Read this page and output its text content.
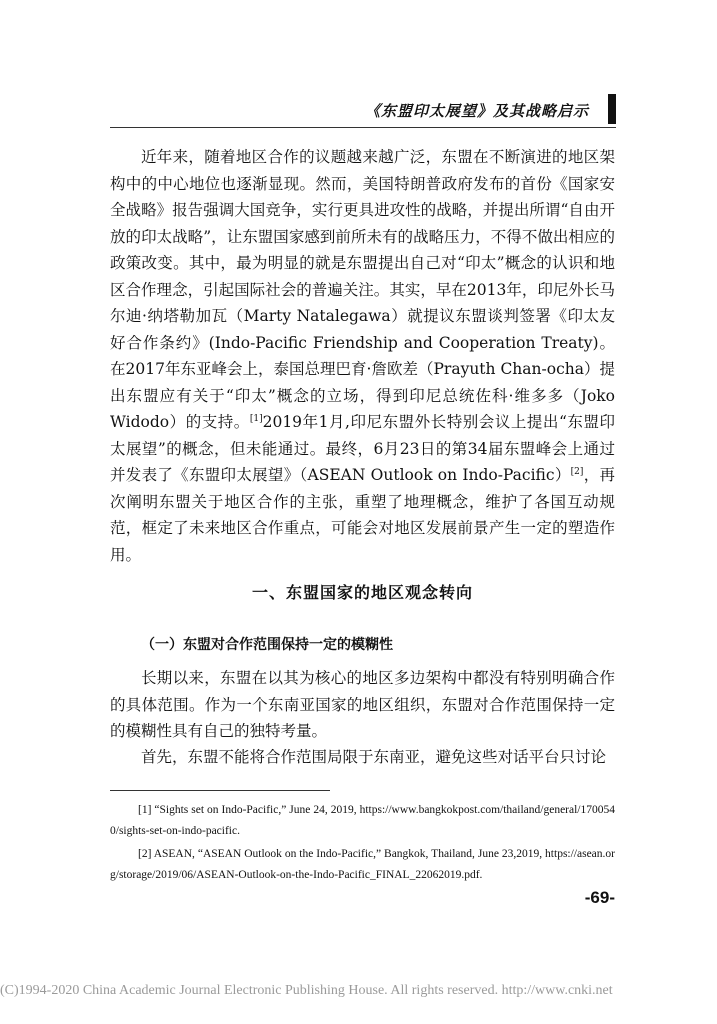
《东盟印太展望》及其战略启示
近年来，随着地区合作的议题越来越广泛，东盟在不断演进的地区架构中的中心地位也逐渐显现。然而，美国特朗普政府发布的首份《国家安全战略》报告强调大国竞争，实行更具进攻性的战略，并提出所谓“自由开放的印太战略”，让东盟国家感到前所未有的战略压力，不得不做出相应的政策改变。其中，最为明显的就是东盟提出自己对“印太”概念的认识和地区合作理念，引起国际社会的普遍关注。其实，早在2013年，印尼外长马尔迪·纳塔勒加瓦（Marty Natalegawa）就提议东盟谈判签署《印太友好合作条约》(Indo-Pacific Friendship and Cooperation Treaty)。在2017年东亚峰会上，泰国总理巴育·詹欧差（Prayuth Chan-ocha）提出东盟应有关于“印太”概念的立场，得到印尼总统佐科·维多多（Joko Widodo）的支持。[1]2019年1月,印尼东盟外长特别会议上提出“东盟印太展望”的概念，但未能通过。最终，6月23日的第34届东盟峰会上通过并发表了《东盟印太展望》（ASEAN Outlook on Indo-Pacific）[2]，再次阐明东盟关于地区合作的主张，重塑了地理概念，维护了各国互动规范，框定了未来地区合作重点，可能会对地区发展前景产生一定的塑造作用。
一、东盟国家的地区观念转向
（一）东盟对合作范围保持一定的模糊性
长期以来，东盟在以其为核心的地区多边架构中都没有特别明确合作的具体范围。作为一个东南亚国家的地区组织，东盟对合作范围保持一定的模糊性具有自己的独特考量。
首先，东盟不能将合作范围局限于东南亚，避免这些对话平台只讨论
[1] “Sights set on Indo-Pacific,” June 24, 2019, https://www.bangkokpost.com/thailand/general/1700540/sights-set-on-indo-pacific.
[2] ASEAN, “ASEAN Outlook on the Indo-Pacific,” Bangkok, Thailand, June 23,2019, https://asean.org/storage/2019/06/ASEAN-Outlook-on-the-Indo-Pacific_FINAL_22062019.pdf.
-69-
(C)1994-2020 China Academic Journal Electronic Publishing House. All rights reserved. http://www.cnki.net
